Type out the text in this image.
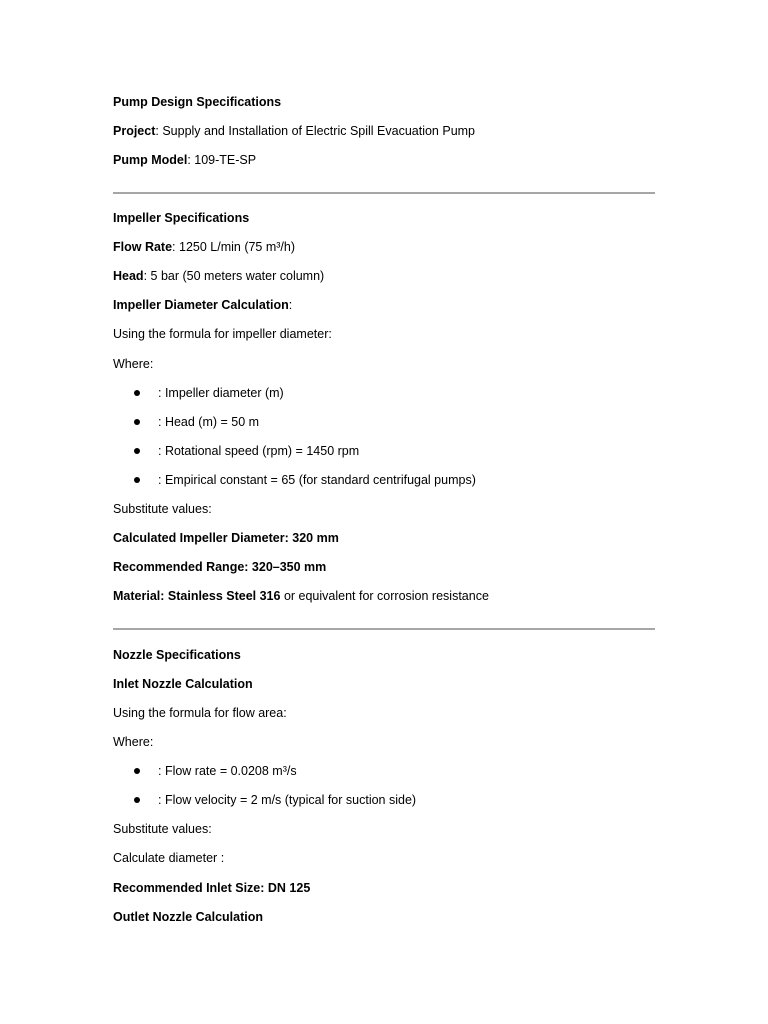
Pump Design Specifications
Project: Supply and Installation of Electric Spill Evacuation Pump
Pump Model: 109-TE-SP
Impeller Specifications
Flow Rate: 1250 L/min (75 m³/h)
Head: 5 bar (50 meters water column)
Impeller Diameter Calculation:
Using the formula for impeller diameter:
Where:
: Impeller diameter (m)
: Head (m) = 50 m
: Rotational speed (rpm) = 1450 rpm
: Empirical constant = 65 (for standard centrifugal pumps)
Substitute values:
Calculated Impeller Diameter: 320 mm
Recommended Range: 320–350 mm
Material: Stainless Steel 316 or equivalent for corrosion resistance
Nozzle Specifications
Inlet Nozzle Calculation
Using the formula for flow area:
Where:
: Flow rate = 0.0208 m³/s
: Flow velocity = 2 m/s (typical for suction side)
Substitute values:
Calculate diameter :
Recommended Inlet Size: DN 125
Outlet Nozzle Calculation
